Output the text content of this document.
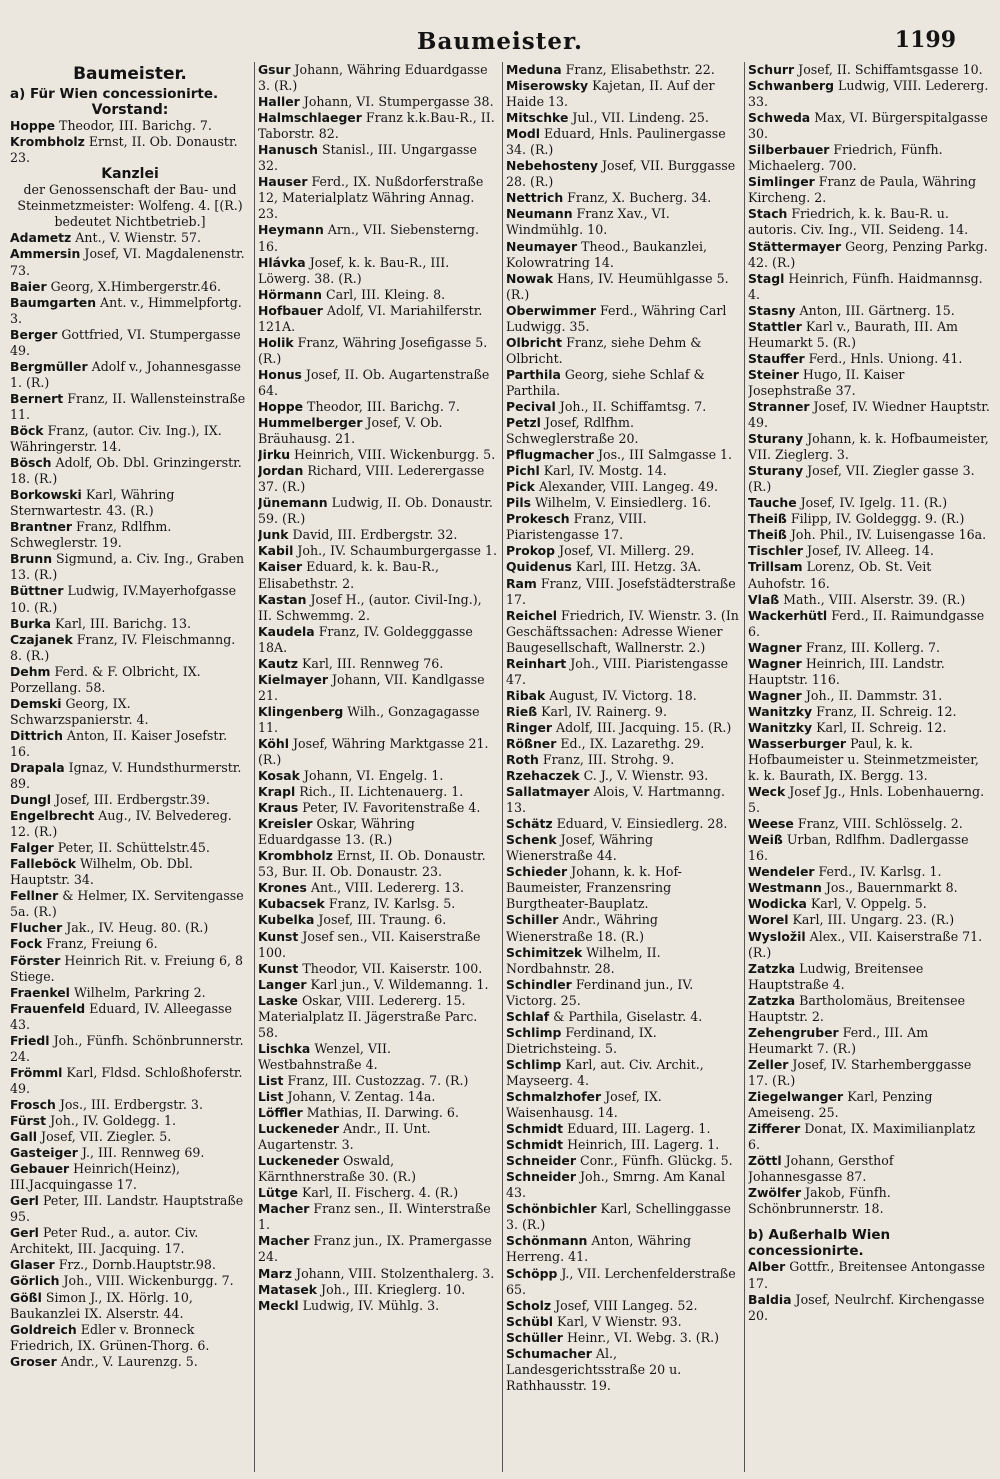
Baumeister.	1199
Baumeister.
a) Für Wien concessionirte.
Vorstand:
Hoppe Theodor, III. Barichg. 7.
Krombholz Ernst, II. Ob. Donaustr. 23.
Kanzlei
der Genossenschaft der Bau- und Steinmetzmeister: Wolfeng. 4. [(R.) bedeutet Nichtbetrieb.]
Adametz Ant., V. Wienstr. 57.
Ammersin Josef, VI. Magdalenenstr. 73.
Baier Georg, X.Himbergerstr.46.
Baumgarten Ant. v., Himmelpfortg. 3.
Berger Gottfried, VI. Stumpergasse 49.
Bergmüller Adolf v., Johannesgasse 1. (R.)
Bernert Franz, II. Wallensteinstraße 11.
Böck Franz, (autor. Civ. Ing.), IX. Währingerstr. 14.
Bösch Adolf, Ob. Dbl. Grinzingerstr. 18. (R.)
Borkowski Karl, Währing Sternwartestr. 43. (R.)
Brantner Franz, Rdlfhm. Schweglerstr. 19.
Brunn Sigmund, a. Civ. Ing., Graben 13. (R.)
Büttner Ludwig, IV.Mayerhofgasse 10. (R.)
Burka Karl, III. Barichg. 13.
Czajanek Franz, IV. Fleischmanng. 8. (R.)
Dehm Ferd. & F. Olbricht, IX. Porzellang. 58.
Demski Georg, IX. Schwarzspanierstr. 4.
Dittrich Anton, II. Kaiser Josefstr. 16.
Drapala Ignaz, V. Hundsthurmerstr. 89.
Dungl Josef, III. Erdbergstr.39.
Engelbrecht Aug., IV. Belvedereg. 12. (R.)
Falger Peter, II. Schüttelstr.45.
Falleböck Wilhelm, Ob. Dbl. Hauptstr. 34.
Fellner & Helmer, IX. Servitengasse 5a. (R.)
Flucher Jak., IV. Heug. 80. (R.)
Fock Franz, Freiung 6.
Förster Heinrich Rit. v. Freiung 6, 8 Stiege.
Fraenkel Wilhelm, Parkring 2.
Frauenfeld Eduard, IV. Alleegasse 43.
Friedl Joh., Fünfh. Schönbrunnerstr. 24.
Frömml Karl, Fldsd. Schloßhoferstr. 49.
Frosch Jos., III. Erdbergstr. 3.
Fürst Joh., IV. Goldegg. 1.
Gall Josef, VII. Ziegler. 5.
Gasteiger J., III. Rennweg 69.
Gebauer Heinrich(Heinz), III.Jacquingasse 17.
Gerl Peter, III. Landstr. Hauptstraße 95.
Gerl Peter Rud., a. autor. Civ. Architekt, III. Jacquing. 17.
Glaser Frz., Dornb.Hauptstr.98.
Görlich Joh., VIII. Wickenburgg. 7.
Gößl Simon J., IX. Hörlg. 10, Baukanzlei IX. Alserstr. 44.
Goldreich Edler v. Bronneck Friedrich, IX. Grünen-Thorg. 6.
Groser Andr., V. Laurenzg. 5.
Gsur Johann, Währing Eduardgasse 3. (R.)
Haller Johann, VI. Stumpergasse 38.
Halmschlaeger Franz k.k.Bau-R., II. Taborstr. 82.
Hanusch Stanisl., III. Ungargasse 32.
Hauser Ferd., IX. Nußdorferstraße 12, Materialplatz Währing Annag. 23.
Heymann Arn., VII. Siebensterng. 16.
Hlávka Josef, k. k. Bau-R., III. Löwerg. 38. (R.)
Hörmann Carl, III. Kleing. 8.
Hofbauer Adolf, VI. Mariahilferstr. 121A.
Holik Franz, Währing Josefigasse 5. (R.)
Honus Josef, II. Ob. Augartenstraße 64.
Hoppe Theodor, III. Barichg. 7.
Hummelberger Josef, V. Ob. Bräuhausg. 21.
Jirku Heinrich, VIII. Wickenburgg. 5.
Jordan Richard, VIII. Lederergasse 37. (R.)
Jünemann Ludwig, II. Ob. Donaustr. 59. (R.)
Junk David, III. Erdbergstr. 32.
Kabil Joh., IV. Schaumburgergasse 1.
Kaiser Eduard, k. k. Bau-R., Elisabethstr. 2.
Kastan Josef H., (autor. Civil-Ing.), II. Schwemmg. 2.
Kaudela Franz, IV. Goldegggasse 18A.
Kautz Karl, III. Rennweg 76.
Kielmayer Johann, VII. Kandlgasse 21.
Klingenberg Wilh., Gonzagagasse 11.
Köhl Josef, Währing Marktgasse 21. (R.)
Kosak Johann, VI. Engelg. 1.
Krapl Rich., II. Lichtenauerg. 1.
Kraus Peter, IV. Favoritenstraße 4.
Kreisler Oskar, Währing Eduardgasse 13. (R.)
Krombholz Ernst, II. Ob. Donaustr. 53, Bur. II. Ob. Donaustr. 23.
Krones Ant., VIII. Ledererg. 13.
Kubacsek Franz, IV. Karlsg. 5.
Kubelka Josef, III. Traung. 6.
Kunst Josef sen., VII. Kaiserstraße 100.
Kunst Theodor, VII. Kaiserstr. 100.
Langer Karl jun., V. Wildemanng. 1.
Laske Oskar, VIII. Ledererg. 15. Materialplatz II. Jägerstraße Parc. 58.
Lischka Wenzel, VII. Westbahnstraße 4.
List Franz, III. Custozzag. 7. (R.)
List Johann, V. Zentag. 14a.
Löffler Mathias, II. Darwing. 6.
Luckeneder Andr., II. Unt. Augartenstr. 3.
Luckeneder Oswald, Kärnthnerstraße 30. (R.)
Lütge Karl, II. Fischerg. 4. (R.)
Macher Franz sen., II. Winterstraße 1.
Macher Franz jun., IX. Pramergasse 24.
Marz Johann, VIII. Stolzenthalerg. 3.
Matasek Joh., III. Krieglerg. 10.
Meckl Ludwig, IV. Mühlg. 3.
Meduna Franz, Elisabethstr. 22.
Miserowsky Kajetan, II. Auf der Haide 13.
Mitschke Jul., VII. Lindeng. 25.
Modl Eduard, Hnls. Paulinergasse 34. (R.)
Nebehosteny Josef, VII. Burggasse 28. (R.)
Nettrich Franz, X. Bucherg. 34.
Neumann Franz Xav., VI. Windmühlg. 10.
Neumayer Theod., Baukanzlei, Kolowratring 14.
Nowak Hans, IV. Heumühlgasse 5. (R.)
Oberwimmer Ferd., Währing Carl Ludwigg. 35.
Olbricht Franz, siehe Dehm & Olbricht.
Parthila Georg, siehe Schlaf & Parthila.
Pecival Joh., II. Schiffamtsg. 7.
Petzl Josef, Rdlfhm. Schweglerstraße 20.
Pflugmacher Jos., III Salmgasse 1.
Pichl Karl, IV. Mostg. 14.
Pick Alexander, VIII. Langeg. 49.
Pils Wilhelm, V. Einsiedlerg. 16.
Prokesch Franz, VIII. Piaristengasse 17.
Prokop Josef, VI. Millerg. 29.
Quidenus Karl, III. Hetzg. 3A.
Ram Franz, VIII. Josefstädterstraße 17.
Reichel Friedrich, IV. Wienstr. 3. (In Geschäftssachen: Adresse Wiener Baugesellschaft, Wallnerstr. 2.)
Reinhart Joh., VIII. Piaristengasse 47.
Ribak August, IV. Victorg. 18.
Rieß Karl, IV. Rainerg. 9.
Ringer Adolf, III. Jacquing. 15. (R.)
Rößner Ed., IX. Lazarethg. 29.
Roth Franz, III. Strohg. 9.
Rzehaczek C. J., V. Wienstr. 93.
Sallatmayer Alois, V. Hartmanng. 13.
Schätz Eduard, V. Einsiedlerg. 28.
Schenk Josef, Währing Wienerstraße 44.
Schieder Johann, k. k. Hof-Baumeister, Franzensring Burgtheater-Bauplatz.
Schiller Andr., Währing Wienerstraße 18. (R.)
Schimitzek Wilhelm, II. Nordbahnstr. 28.
Schindler Ferdinand jun., IV. Victorg. 25.
Schlaf & Parthila, Giselastr. 4.
Schlimp Ferdinand, IX. Dietrichsteing. 5.
Schlimp Karl, aut. Civ. Archit., Mayseerg. 4.
Schmalzhofer Josef, IX. Waisenhausg. 14.
Schmidt Eduard, III. Lagerg. 1.
Schmidt Heinrich, III. Lagerg. 1.
Schneider Conr., Fünfh. Glückg. 5.
Schneider Joh., Smrng. Am Kanal 43.
Schönbichler Karl, Schellinggasse 3. (R.)
Schönmann Anton, Währing Herreng. 41.
Schöpp J., VII. Lerchenfelderstraße 65.
Scholz Josef, VIII Langeg. 52.
Schübl Karl, V Wienstr. 93.
Schüller Heinr., VI. Webg. 3. (R.)
Schumacher Al., Landesgerichtsstraße 20 u. Rathhausstr. 19.
Schurr Josef, II. Schiffamtsgasse 10.
Schwanberg Ludwig, VIII. Ledererg. 33.
Schweda Max, VI. Bürgerspitalgasse 30.
Silberbauer Friedrich, Fünfh. Michaelerg. 700.
Simlinger Franz de Paula, Währing Kircheng. 2.
Stach Friedrich, k. k. Bau-R. u. autoris. Civ. Ing., VII. Seideng. 14.
Stättermayer Georg, Penzing Parkg. 42. (R.)
Stagl Heinrich, Fünfh. Haidmannsg. 4.
Stasny Anton, III. Gärtnerg. 15.
Stattler Karl v., Baurath, III. Am Heumarkt 5. (R.)
Stauffer Ferd., Hnls. Uniong. 41.
Steiner Hugo, II. Kaiser Josephstraße 37.
Stranner Josef, IV. Wiedner Hauptstr. 49.
Sturany Johann, k. k. Hofbaumeister, VII. Zieglerg. 3.
Sturany Josef, VII. Ziegler gasse 3. (R.)
Tauche Josef, IV. Igelg. 11. (R.)
Theiß Filipp, IV. Goldeggg. 9. (R.)
Theiß Joh. Phil., IV. Luisengasse 16a.
Tischler Josef, IV. Alleeg. 14.
Trillsam Lorenz, Ob. St. Veit Auhofstr. 16.
Vlaß Math., VIII. Alserstr. 39. (R.)
Wackerhütl Ferd., II. Raimundgasse 6.
Wagner Franz, III. Kollerg. 7.
Wagner Heinrich, III. Landstr. Hauptstr. 116.
Wagner Joh., II. Dammstr. 31.
Wanitzky Franz, II. Schreig. 12.
Wanitzky Karl, II. Schreig. 12.
Wasserburger Paul, k. k. Hofbaumeister u. Steinmetzmeister, k. k. Baurath, IX. Bergg. 13.
Weck Josef Jg., Hnls. Lobenhauerng. 5.
Weese Franz, VIII. Schlösselg. 2.
Weiß Urban, Rdlfhm. Dadlergasse 16.
Wendeler Ferd., IV. Karlsg. 1.
Westmann Jos., Bauernmarkt 8.
Wodicka Karl, V. Oppelg. 5.
Worel Karl, III. Ungarg. 23. (R.)
Wysložil Alex., VII. Kaiserstraße 71. (R.)
Zatzka Ludwig, Breitensee Hauptstraße 4.
Zatzka Bartholomäus, Breitensee Hauptstr. 2.
Zehengruber Ferd., III. Am Heumarkt 7. (R.)
Zeller Josef, IV. Starhemberggasse 17. (R.)
Ziegelwanger Karl, Penzing Ameiseng. 25.
Zifferer Donat, IX. Maximilianplatz 6.
Zöttl Johann, Gersthof Johannesgasse 87.
Zwölfer Jakob, Fünfh. Schönbrunnerstr. 18.
b) Außerhalb Wien concessionirte.
Alber Gottfr., Breitensee Antongasse 17.
Baldia Josef, Neulrchf. Kirchengasse 20.
